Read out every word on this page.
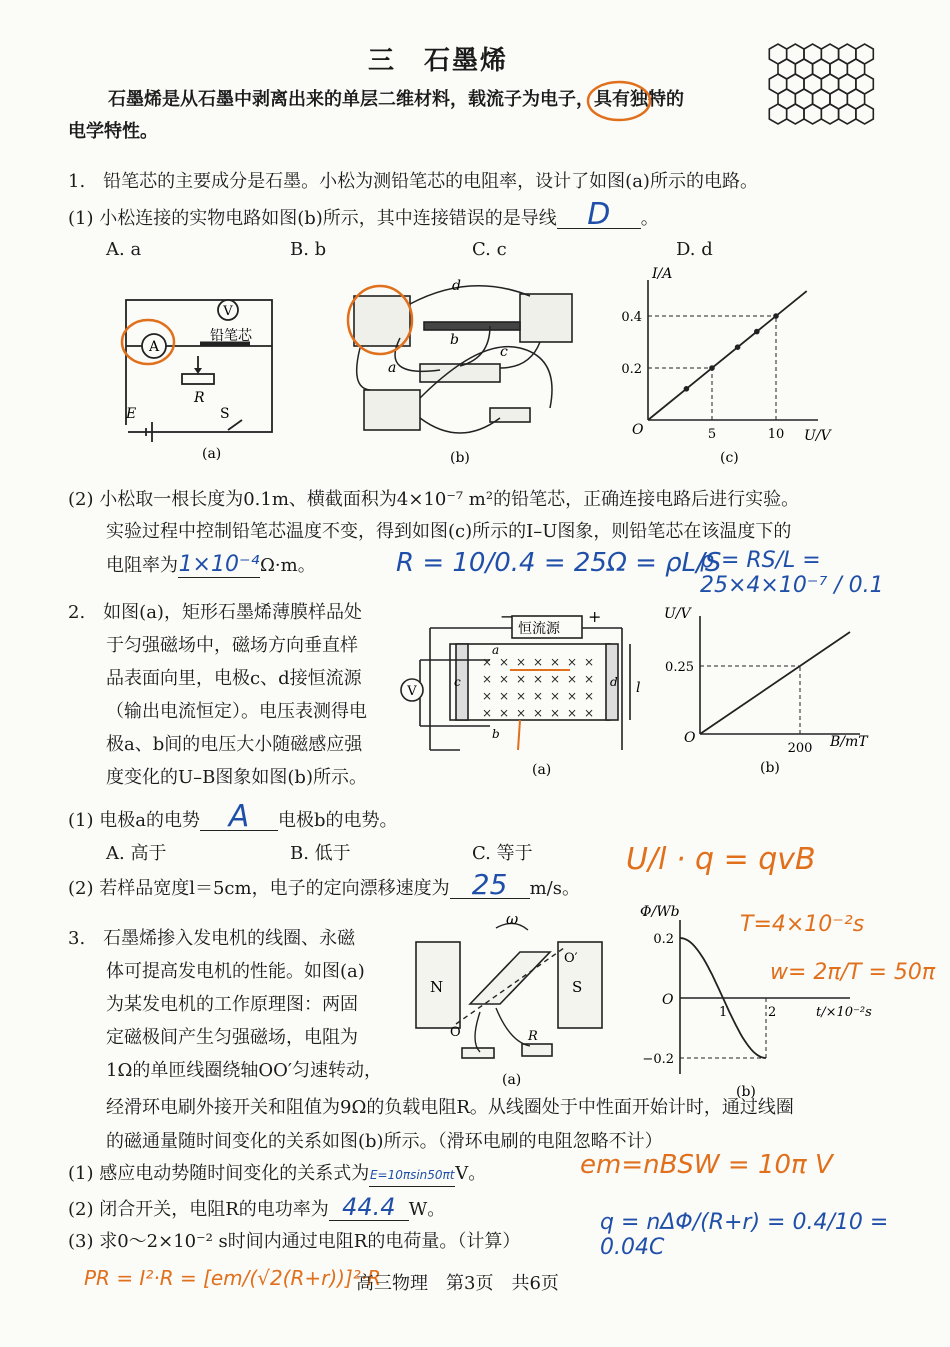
三　石墨烯
石墨烯是从石墨中剥离出来的单层二维材料，载流子为电子，具有独特的
电学特性。
1.　铅笔芯的主要成分是石墨。小松为测铅笔芯的电阻率，设计了如图(a)所示的电路。
(1) 小松连接的实物电路如图(b)所示，其中连接错误的是导线 D 。
A. a	B. b	C. c	D. d
A
V
铅笔芯
R
E	S
(a)
d
b
c
a
(b)
I/A
U/V
O	5	10
0.2
0.4
(c)
(2) 小松取一根长度为0.1m、横截面积为4×10⁻⁷ m²的铅笔芯，正确连接电路后进行实验。
实验过程中控制铅笔芯温度不变，得到如图(c)所示的I–U图象，则铅笔芯在该温度下的
电阻率为1×10⁻⁴Ω·m。	R = 10/0.4 = 25Ω = ρL/S
ρ = RS/L = 25×4×10⁻⁷ / 0.1
2.　如图(a)，矩形石墨烯薄膜样品处
于匀强磁场中，磁场方向垂直样
品表面向里，电极c、d接恒流源
（输出电流恒定）。电压表测得电
极a、b间的电压大小随磁感应强
度变化的U–B图象如图(b)所示。
V
恒流源
−	+
l
c	d
a
b
× × × × × × ×
× × × × × × ×
× × × × × × ×
× × × × × × ×
(a)
U/V
B/mT
O
0.25
200
(b)
(1) 电极a的电势 A 电极b的电势。
A. 高于	B. 低于	C. 等于
(2) 若样品宽度l＝5cm，电子的定向漂移速度为 25 m/s。
U/l · q = qvB
3.　石墨烯掺入发电机的线圈、永磁
体可提高发电机的性能。如图(a)
为某发电机的工作原理图：两固
定磁极间产生匀强磁场，电阻为
1Ω的单匝线圈绕轴OO′匀速转动，
N	S
ω
O
O′
R
(a)
Φ/Wb
t/×10⁻²s
O
0.2
−0.2
1	2
(b)
T=4×10⁻²s
w= 2π/T = 50π
经滑环电刷外接开关和阻值为9Ω的负载电阻R。从线圈处于中性面开始计时，通过线圈
的磁通量随时间变化的关系如图(b)所示。（滑环电刷的电阻忽略不计）
(1) 感应电动势随时间变化的关系式为E=10πsin50πtV。	em=nBSW = 10π V
(2) 闭合开关，电阻R的电功率为 44.4 W。
(3) 求0～2×10⁻² s时间内通过电阻R的电荷量。（计算）
q = nΔΦ/(R+r) = 0.4/10 = 0.04C
PR = I²·R = [em/(√2(R+r))]²·R
高三物理　第3页　共6页
